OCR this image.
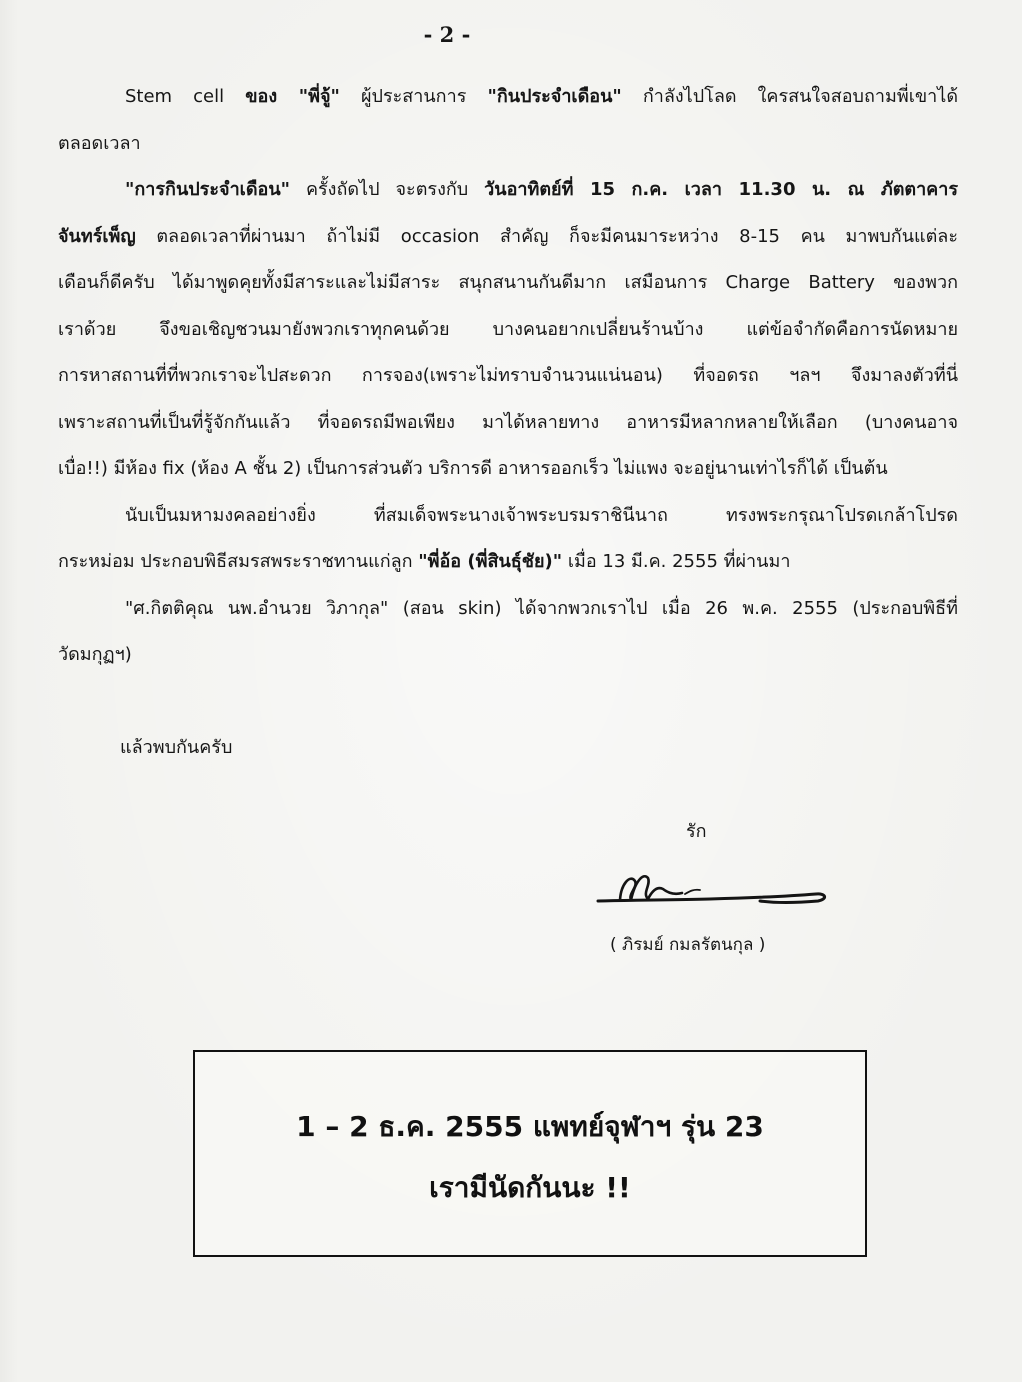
- 2 -
Stem cell ของ "พี่จู้" ผู้ประสานการ "กินประจำเดือน" กำลังไปโลด ใครสนใจสอบถามพี่เขาได้
ตลอดเวลา
"การกินประจำเดือน" ครั้งถัดไป จะตรงกับ วันอาทิตย์ที่ 15 ก.ค. เวลา 11.30 น. ณ ภัตตาคาร
จันทร์เพ็ญ ตลอดเวลาที่ผ่านมา ถ้าไม่มี occasion สำคัญ ก็จะมีคนมาระหว่าง 8-15 คน มาพบกันแต่ละ
เดือนก็ดีครับ ได้มาพูดคุยทั้งมีสาระและไม่มีสาระ สนุกสนานกันดีมาก เสมือนการ Charge Battery ของพวก
เราด้วย จึงขอเชิญชวนมายังพวกเราทุกคนด้วย บางคนอยากเปลี่ยนร้านบ้าง แต่ข้อจำกัดคือการนัดหมาย
การหาสถานที่ที่พวกเราจะไปสะดวก การจอง(เพราะไม่ทราบจำนวนแน่นอน) ที่จอดรถ ฯลฯ จึงมาลงตัวที่นี่
เพราะสถานที่เป็นที่รู้จักกันแล้ว ที่จอดรถมีพอเพียง มาได้หลายทาง อาหารมีหลากหลายให้เลือก (บางคนอาจ
เบื่อ!!) มีห้อง fix (ห้อง A ชั้น 2) เป็นการส่วนตัว บริการดี อาหารออกเร็ว ไม่แพง จะอยู่นานเท่าไรก็ได้ เป็นต้น
นับเป็นมหามงคลอย่างยิ่ง ที่สมเด็จพระนางเจ้าพระบรมราชินีนาถ ทรงพระกรุณาโปรดเกล้าโปรด
กระหม่อม ประกอบพิธีสมรสพระราชทานแก่ลูก "พี่อ้อ (พี่สินธุ์ชัย)" เมื่อ 13 มี.ค. 2555 ที่ผ่านมา
"ศ.กิตติคุณ นพ.อำนวย วิภากุล" (สอน skin) ได้จากพวกเราไป เมื่อ 26 พ.ค. 2555 (ประกอบพิธีที่
วัดมกุฏฯ)
แล้วพบกันครับ
รัก
( ภิรมย์ กมลรัตนกุล )
1 – 2 ธ.ค. 2555 แพทย์จุฬาฯ รุ่น 23
เรามีนัดกันนะ !!
